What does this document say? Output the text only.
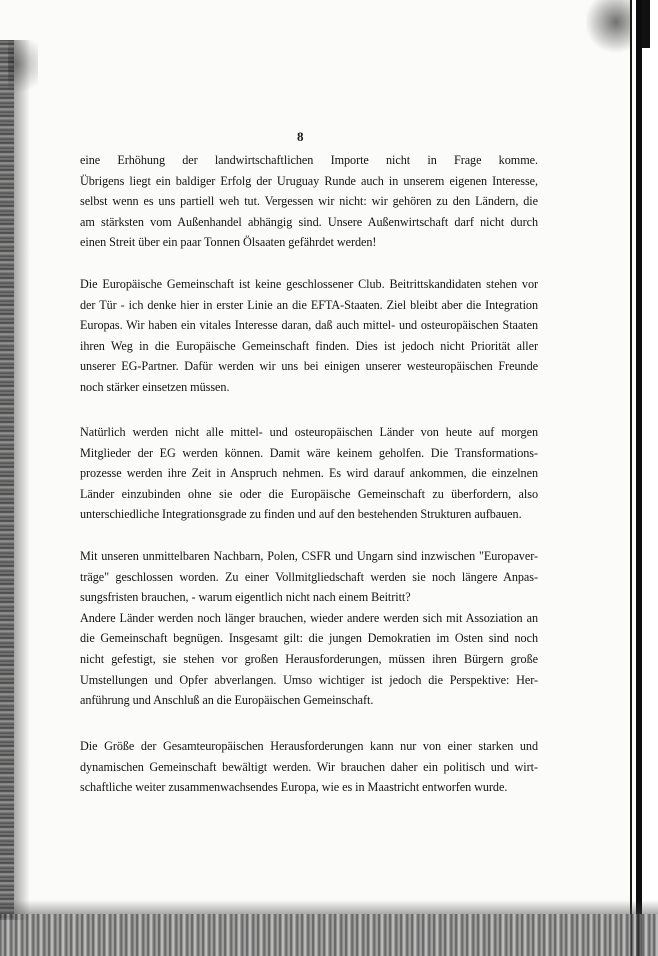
8
eine Erhöhung der landwirtschaftlichen Importe nicht in Frage komme.
Übrigens liegt ein baldiger Erfolg der Uruguay Runde auch in unserem eigenen Interesse,
selbst wenn es uns partiell weh tut. Vergessen wir nicht: wir gehören zu den Ländern, die
am stärksten vom Außenhandel abhängig sind. Unsere Außenwirtschaft darf nicht durch
einen Streit über ein paar Tonnen Ölsaaten gefährdet werden!
Die Europäische Gemeinschaft ist keine geschlossener Club. Beitrittskandidaten stehen vor
der Tür - ich denke hier in erster Linie an die EFTA-Staaten. Ziel bleibt aber die Integration
Europas. Wir haben ein vitales Interesse daran, daß auch mittel- und osteuropäischen Staaten
ihren Weg in die Europäische Gemeinschaft finden. Dies ist jedoch nicht Priorität aller
unserer EG-Partner. Dafür werden wir uns bei einigen unserer westeuropäischen Freunde
noch stärker einsetzen müssen.
Natürlich werden nicht alle mittel- und osteuropäischen Länder von heute auf morgen
Mitglieder der EG werden können. Damit wäre keinem geholfen. Die Transformations-
prozesse werden ihre Zeit in Anspruch nehmen. Es wird darauf ankommen, die einzelnen
Länder einzubinden ohne sie oder die Europäische Gemeinschaft zu überfordern, also
unterschiedliche Integrationsgrade zu finden und auf den bestehenden Strukturen aufbauen.
Mit unseren unmittelbaren Nachbarn, Polen, CSFR und Ungarn sind inzwischen "Europaver-
träge" geschlossen worden. Zu einer Vollmitgliedschaft werden sie noch längere Anpas-
sungsfristen brauchen, - warum eigentlich nicht nach einem Beitritt?
Andere Länder werden noch länger brauchen, wieder andere werden sich mit Assoziation an
die Gemeinschaft begnügen. Insgesamt gilt: die jungen Demokratien im Osten sind noch
nicht gefestigt, sie stehen vor großen Herausforderungen, müssen ihren Bürgern große
Umstellungen und Opfer abverlangen. Umso wichtiger ist jedoch die Perspektive: Her-
anführung und Anschluß an die Europäischen Gemeinschaft.
Die Größe der Gesamteuropäischen Herausforderungen kann nur von einer starken und
dynamischen Gemeinschaft bewältigt werden. Wir brauchen daher ein politisch und wirt-
schaftliche weiter zusammenwachsendes Europa, wie es in Maastricht entworfen wurde.
